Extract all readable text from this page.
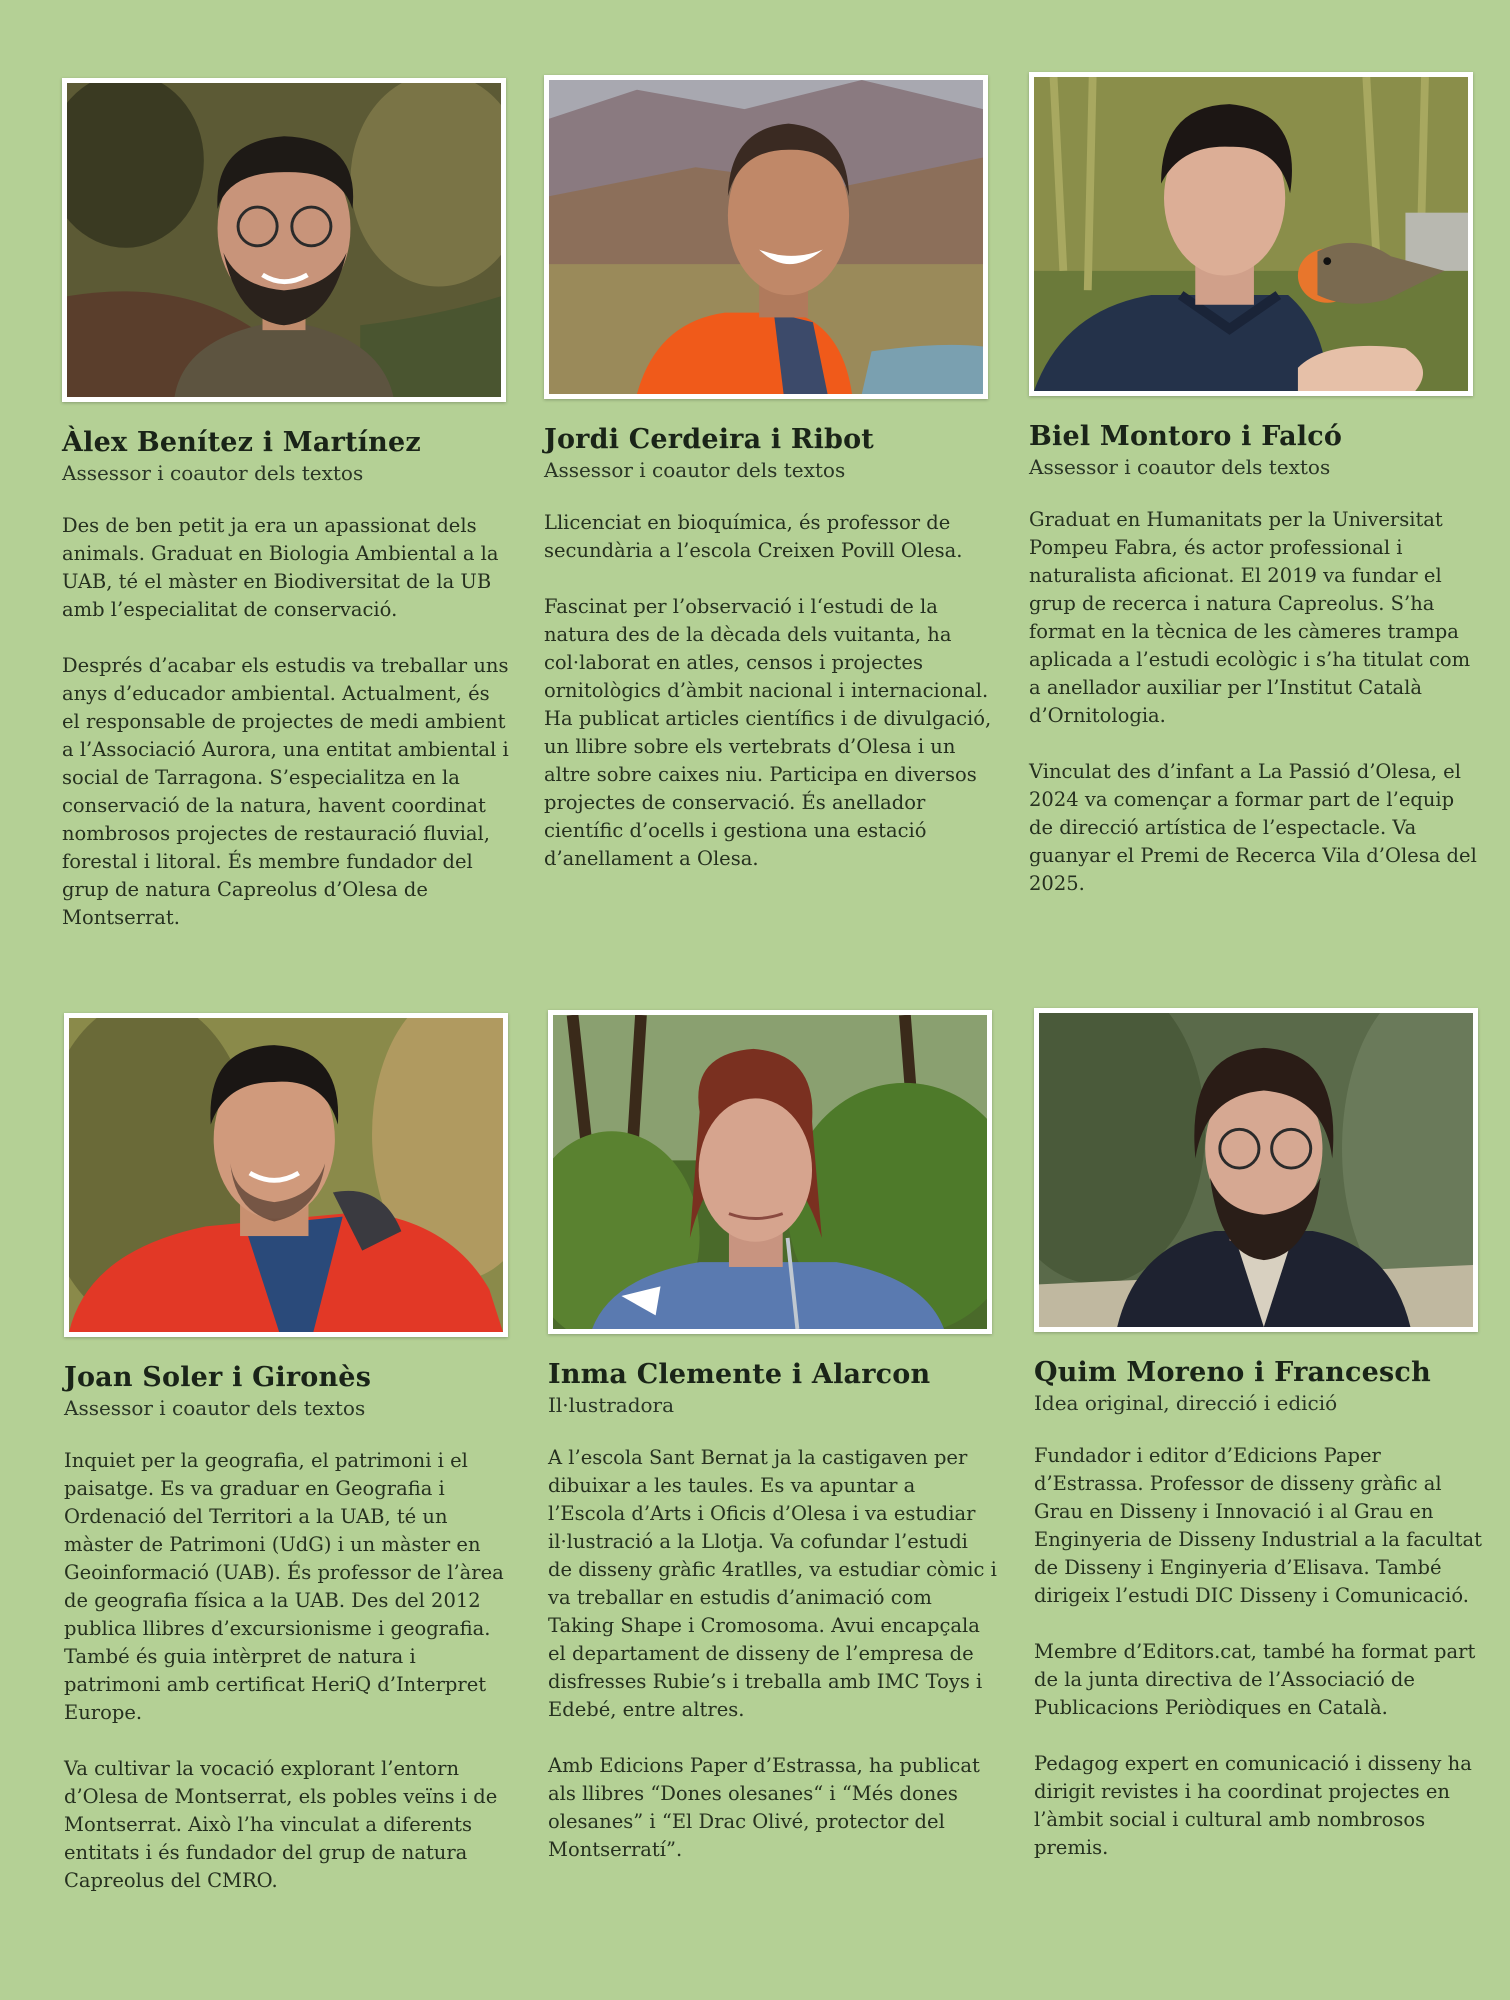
Àlex Benítez i Martínez
Assessor i coautor dels textos

Des de ben petit ja era un apassionat dels animals. Graduat en Biologia Ambiental a la UAB, té el màster en Biodiversitat de la UB amb l’especialitat de conservació.

Després d’acabar els estudis va treballar uns anys d’educador ambiental. Actualment, és el responsable de projectes de medi ambient a l’Associació Aurora, una entitat ambiental i social de Tarragona. S’especialitza en la conservació de la natura, havent coordinat nombrosos projectes de restauració fluvial, forestal i litoral. És membre fundador del grup de natura Capreolus d’Olesa de Montserrat.

Jordi Cerdeira i Ribot
Assessor i coautor dels textos

Llicenciat en bioquímica, és professor de secundària a l’escola Creixen Povill Olesa.

Fascinat per l’observació i l‘estudi de la natura des de la dècada dels vuitanta, ha col·laborat en atles, censos i projectes ornitològics d’àmbit nacional i internacional. Ha publicat articles científics i de divulgació, un llibre sobre els vertebrats d’Olesa i un altre sobre caixes niu. Participa en diversos projectes de conservació. És anellador científic d’ocells i gestiona una estació d’anellament a Olesa.

Biel Montoro i Falcó
Assessor i coautor dels textos

Graduat en Humanitats per la Universitat Pompeu Fabra, és actor professional i naturalista aficionat. El 2019 va fundar el grup de recerca i natura Capreolus. S’ha format en la tècnica de les càmeres trampa aplicada a l’estudi ecològic i s’ha titulat com a anellador auxiliar per l’Institut Català d’Ornitologia.

Vinculat des d’infant a La Passió d’Olesa, el 2024 va començar a formar part de l’equip de direcció artística de l’espectacle. Va guanyar el Premi de Recerca Vila d’Olesa del 2025.

Joan Soler i Gironès
Assessor i coautor dels textos

Inquiet per la geografia, el patrimoni i el paisatge. Es va graduar en Geografia i Ordenació del Territori a la UAB, té un màster de Patrimoni (UdG) i un màster en Geoinformació (UAB). És professor de l’àrea de geografia física a la UAB. Des del 2012 publica llibres d’excursionisme i geografia. També és guia intèrpret de natura i patrimoni amb certificat HeriQ d’Interpret Europe.

Va cultivar la vocació explorant l’entorn d’Olesa de Montserrat, els pobles veïns i de Montserrat. Això l’ha vinculat a diferents entitats i és fundador del grup de natura Capreolus del CMRO.

Inma Clemente i Alarcon
Il·lustradora

A l’escola Sant Bernat ja la castigaven per dibuixar a les taules. Es va apuntar a l’Escola d’Arts i Oficis d’Olesa i va estudiar il·lustració a la Llotja. Va cofundar l’estudi de disseny gràfic 4ratlles, va estudiar còmic i va treballar en estudis d’animació com Taking Shape i Cromosoma. Avui encapçala el departament de disseny de l’empresa de disfresses Rubie’s i treballa amb IMC Toys i Edebé, entre altres.

Amb Edicions Paper d’Estrassa, ha publicat als llibres “Dones olesanes“ i “Més dones olesanes” i “El Drac Olivé, protector del Montserratí”.

Quim Moreno i Francesch
Idea original, direcció i edició

Fundador i editor d’Edicions Paper d’Estrassa. Professor de disseny gràfic al Grau en Disseny i Innovació i al Grau en Enginyeria de Disseny Industrial a la facultat de Disseny i Enginyeria d’Elisava. També dirigeix l’estudi DIC Disseny i Comunicació.

Membre d’Editors.cat, també ha format part de la junta directiva de l’Associació de Publicacions Periòdiques en Català.

Pedagog expert en comunicació i disseny ha dirigit revistes i ha coordinat projectes en l’àmbit social i cultural amb nombrosos premis.
